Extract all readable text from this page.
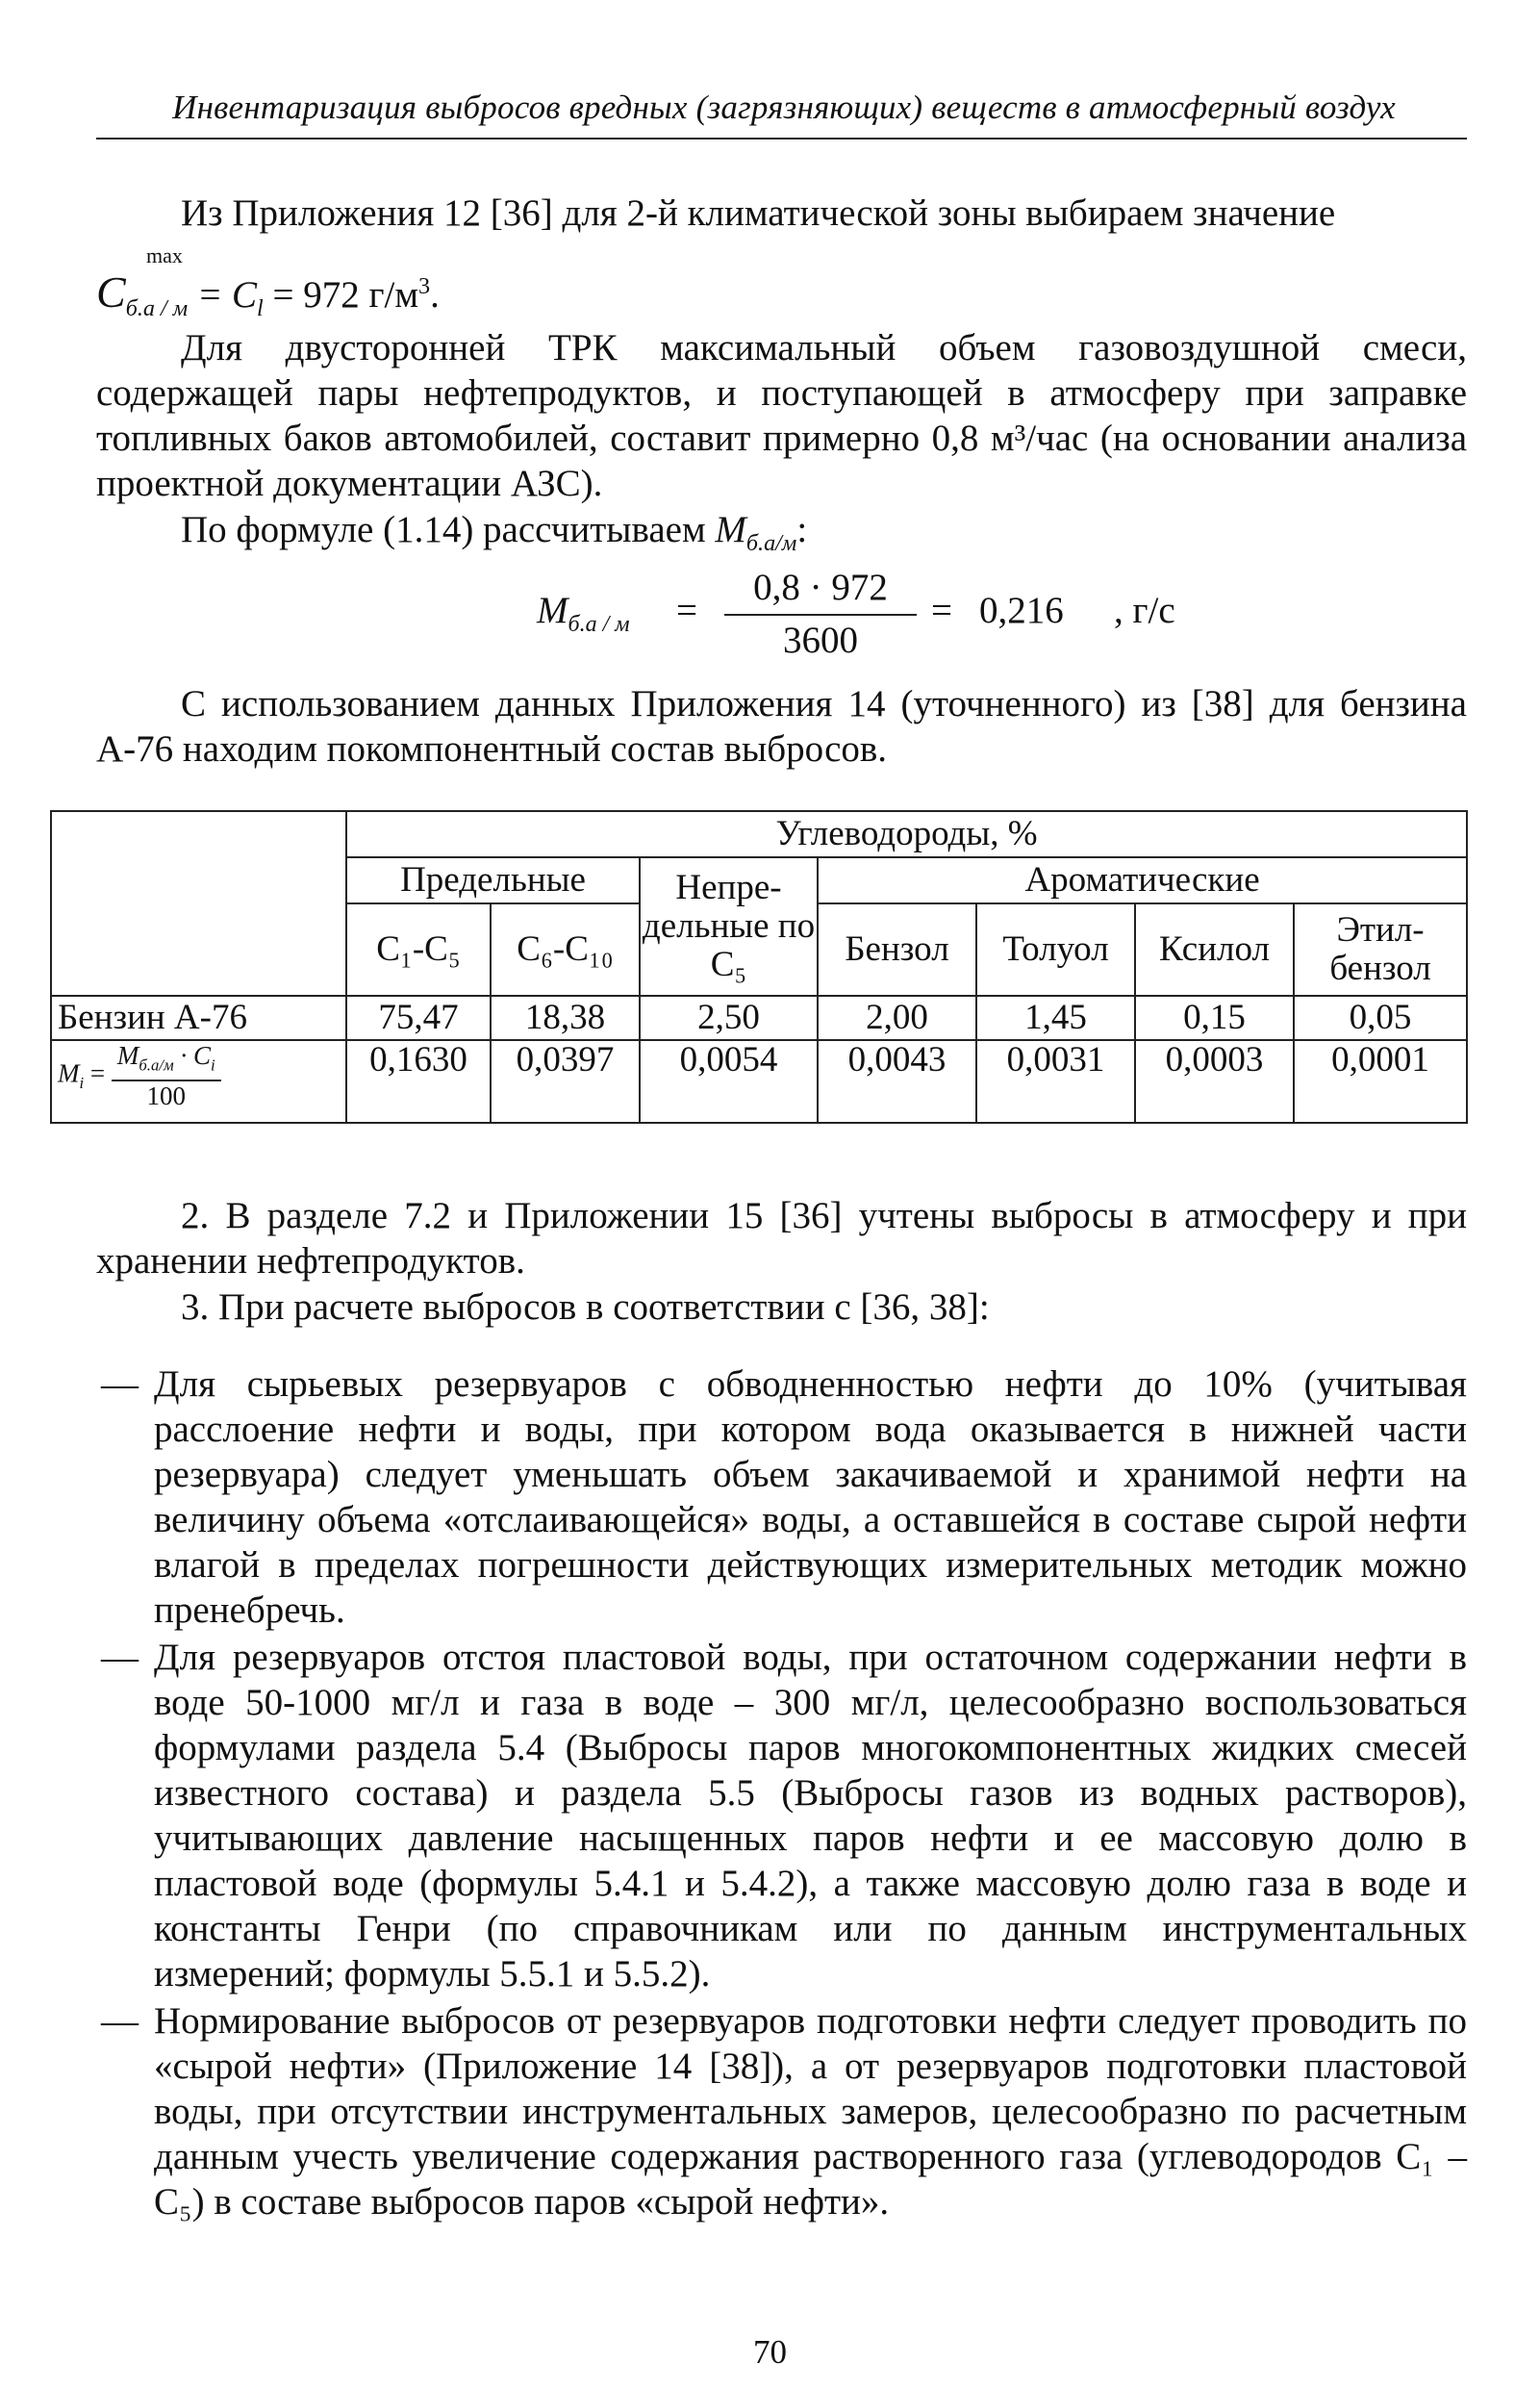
Инвентаризация выбросов вредных (загрязняющих) веществ в атмосферный воздух

Из Приложения 12 [36] для 2-й климатической зоны выбираем значение

max
$C_{б.а / м} = C_l = 972$ $г/м^3$.

Для двусторонней ТРК максимальный объем газовоздушной смеси, содержащей пары нефтепродуктов, и поступающей в атмосферу при заправке топливных баков автомобилей, составит примерно 0,8 м³/час (на основании анализа проектной документации АЗС).

По формуле (1.14) рассчитываем $M_{б.а/м}$:

$M_{б.а / м}$ =
0,8 · 972
3600
= 0,216 , г/с

С использованием данных Приложения 14 (уточненного) из [38] для бензина А-76 находим покомпонентный состав выбросов.

	Углеводороды, %						
	Предельные		Непре-дельные по C₅	Ароматические			
	C₁-C₅	C₆-C₁₀		Бензол	Толуол	Ксилол	Этил-бензол
Бензин А-76	75,47	18,38	2,50	2,00	1,45	0,15	0,05
$M_i = \frac{M_{б.а/м} \cdot C_i}{100}$	0,1630	0,0397	0,0054	0,0043	0,0031	0,0003	0,0001

2. В разделе 7.2 и Приложении 15 [36] учтены выбросы в атмосферу и при хранении нефтепродуктов.

3. При расчете выбросов в соответствии с [36, 38]:

— Для сырьевых резервуаров с обводненностью нефти до 10% (учитывая расслоение нефти и воды, при котором вода оказывается в нижней части резервуара) следует уменьшать объем закачиваемой и хранимой нефти на величину объема «отслаивающейся» воды, а оставшейся в составе сырой нефти влагой в пределах погрешности действующих измерительных методик можно пренебречь.

— Для резервуаров отстоя пластовой воды, при остаточном содержании нефти в воде 50-1000 мг/л и газа в воде – 300 мг/л, целесообразно воспользоваться формулами раздела 5.4 (Выбросы паров многокомпонентных жидких смесей известного состава) и раздела 5.5 (Выбросы газов из водных растворов), учитывающих давление насыщенных паров нефти и ее массовую долю в пластовой воде (формулы 5.4.1 и 5.4.2), а также массовую долю газа в воде и константы Генри (по справочникам или по данным инструментальных измерений; формулы 5.5.1 и 5.5.2).

— Нормирование выбросов от резервуаров подготовки нефти следует проводить по «сырой нефти» (Приложение 14 [38]), а от резервуаров подготовки пластовой воды, при отсутствии инструментальных замеров, целесообразно по расчетным данным учесть увеличение содержания растворенного газа (углеводородов C₁ – C₅) в составе выбросов паров «сырой нефти».

70
